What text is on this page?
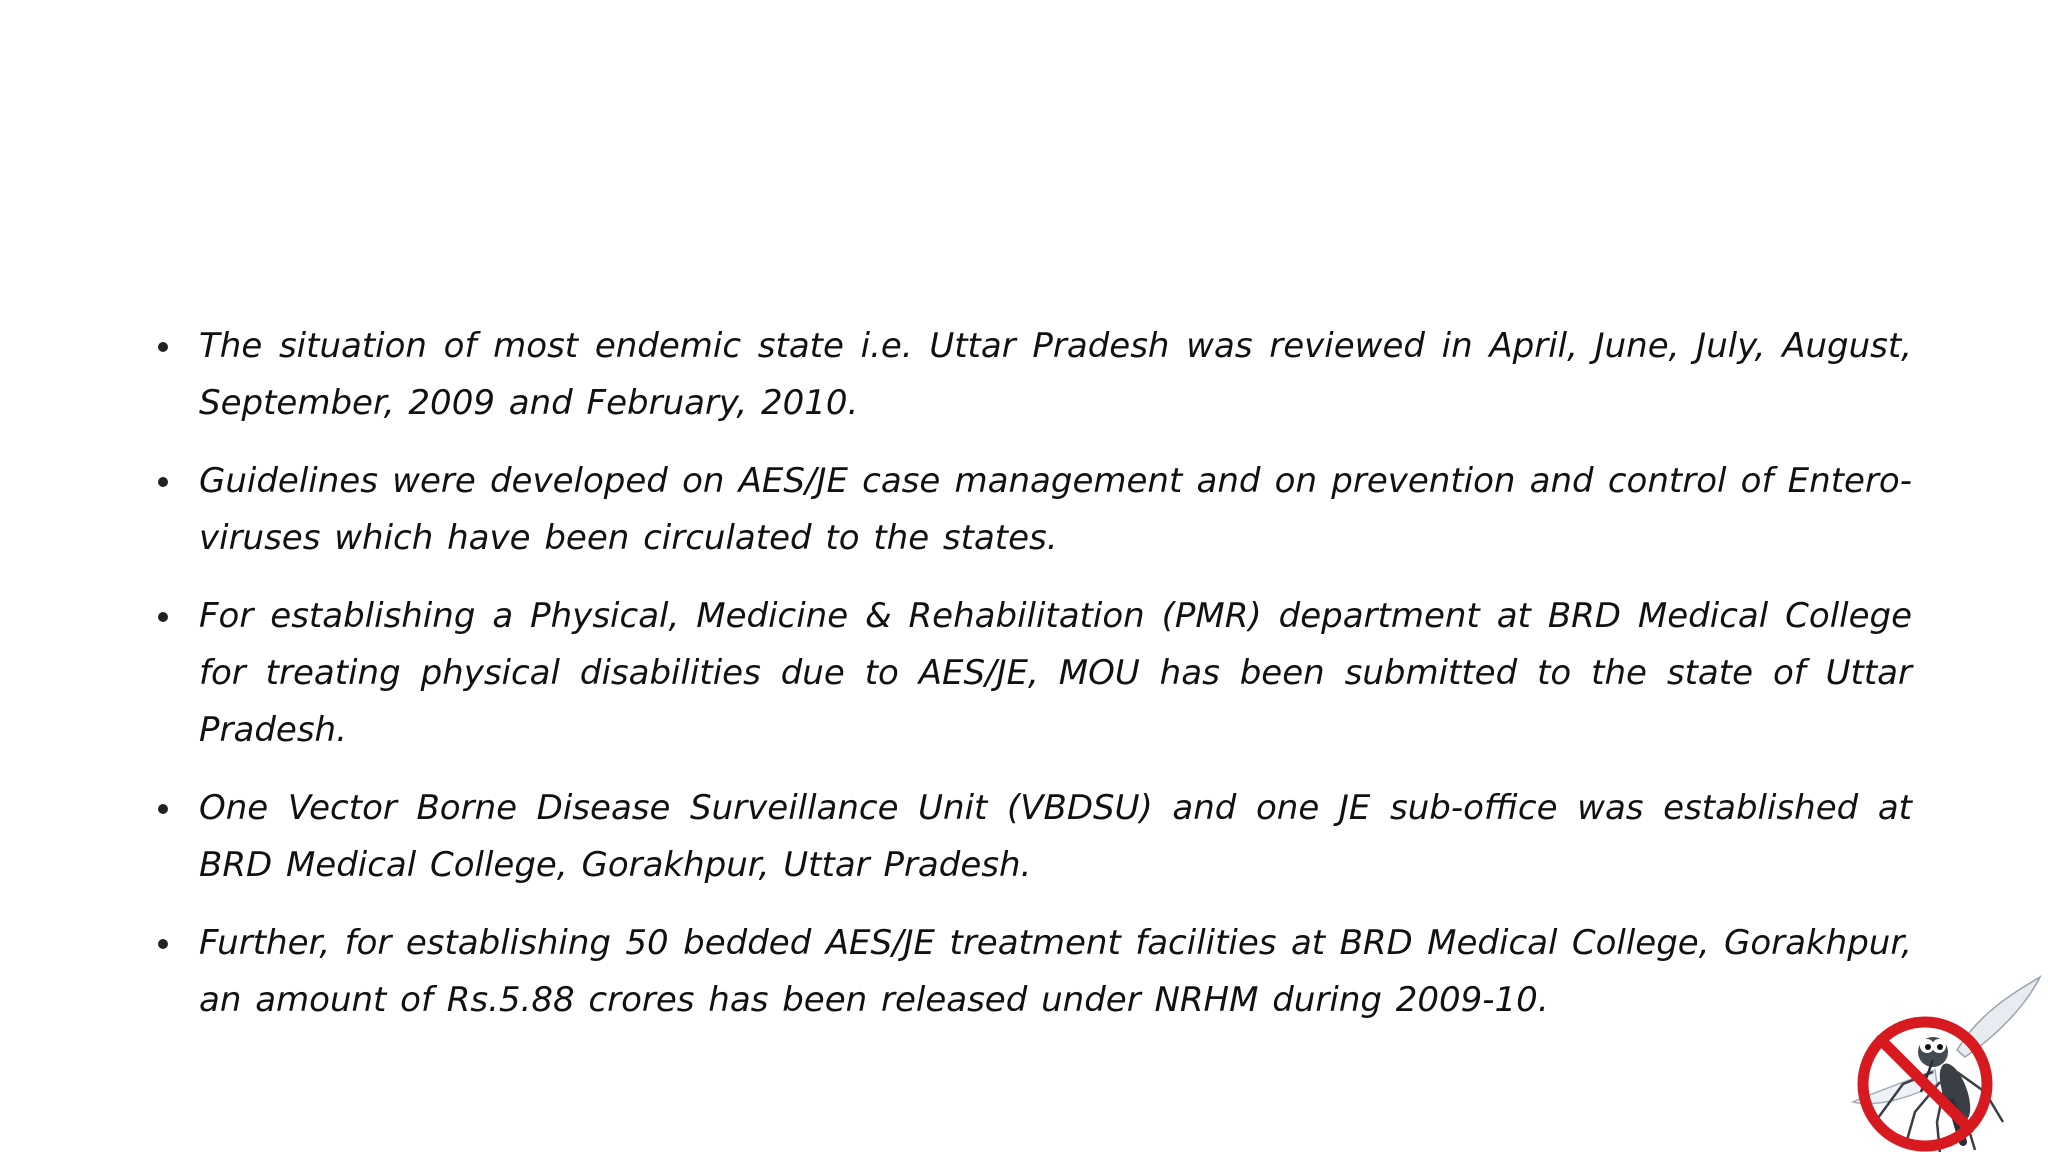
The situation of most endemic state i.e. Uttar Pradesh was reviewed in April, June, July, August, September, 2009 and February, 2010.
Guidelines were developed on AES/JE case management and on prevention and control of Entero-viruses which have been circulated to the states.
For establishing a Physical, Medicine & Rehabilitation (PMR) department at BRD Medical College for treating physical disabilities due to AES/JE, MOU has been submitted to the state of Uttar Pradesh.
One Vector Borne Disease Surveillance Unit (VBDSU) and one JE sub-office was established at BRD Medical College, Gorakhpur, Uttar Pradesh.
Further, for establishing 50 bedded AES/JE treatment facilities at BRD Medical College, Gorakhpur, an amount of Rs.5.88 crores has been released under NRHM during 2009-10.
